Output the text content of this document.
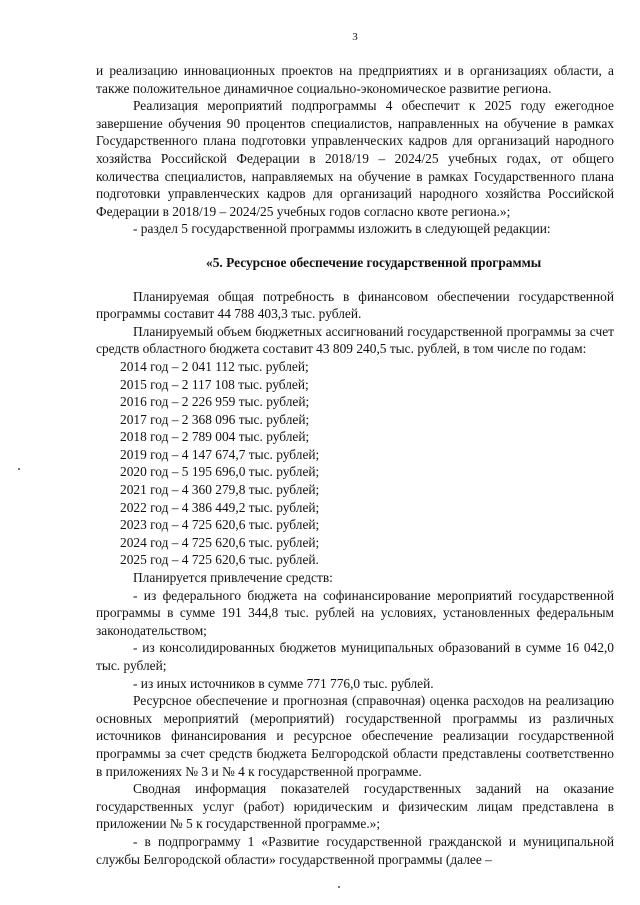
3

и реализацию инновационных проектов на предприятиях и в организациях области, а также положительное динамичное социально-экономическое развитие региона.

Реализация мероприятий подпрограммы 4 обеспечит к 2025 году ежегодное завершение обучения 90 процентов специалистов, направленных на обучение в рамках Государственного плана подготовки управленческих кадров для организаций народного хозяйства Российской Федерации в 2018/19 – 2024/25 учебных годах, от общего количества специалистов, направляемых на обучение в рамках Государственного плана подготовки управленческих кадров для организаций народного хозяйства Российской Федерации в 2018/19 – 2024/25 учебных годов согласно квоте региона.»;

- раздел 5 государственной программы изложить в следующей редакции:

«5. Ресурсное обеспечение государственной программы

Планируемая общая потребность в финансовом обеспечении государственной программы составит 44 788 403,3 тыс. рублей.

Планируемый объем бюджетных ассигнований государственной программы за счет средств областного бюджета составит 43 809 240,5 тыс. рублей, в том числе по годам:

2014 год – 2 041 112 тыс. рублей;
2015 год – 2 117 108 тыс. рублей;
2016 год – 2 226 959 тыс. рублей;
2017 год – 2 368 096 тыс. рублей;
2018 год – 2 789 004 тыс. рублей;
2019 год – 4 147 674,7 тыс. рублей;
2020 год – 5 195 696,0 тыс. рублей;
2021 год – 4 360 279,8 тыс. рублей;
2022 год – 4 386 449,2 тыс. рублей;
2023 год – 4 725 620,6 тыс. рублей;
2024 год – 4 725 620,6 тыс. рублей;
2025 год – 4 725 620,6 тыс. рублей.

Планируется привлечение средств:

- из федерального бюджета на софинансирование мероприятий государственной программы в сумме 191 344,8 тыс. рублей на условиях, установленных федеральным законодательством;

- из консолидированных бюджетов муниципальных образований в сумме 16 042,0 тыс. рублей;

- из иных источников в сумме 771 776,0 тыс. рублей.

Ресурсное обеспечение и прогнозная (справочная) оценка расходов на реализацию основных мероприятий (мероприятий) государственной программы из различных источников финансирования и ресурсное обеспечение реализации государственной программы за счет средств бюджета Белгородской области представлены соответственно в приложениях № 3 и № 4 к государственной программе.

Сводная информация показателей государственных заданий на оказание государственных услуг (работ) юридическим и физическим лицам представлена в приложении № 5 к государственной программе.»;

- в подпрограмму 1 «Развитие государственной гражданской и муниципальной службы Белгородской области» государственной программы (далее –
